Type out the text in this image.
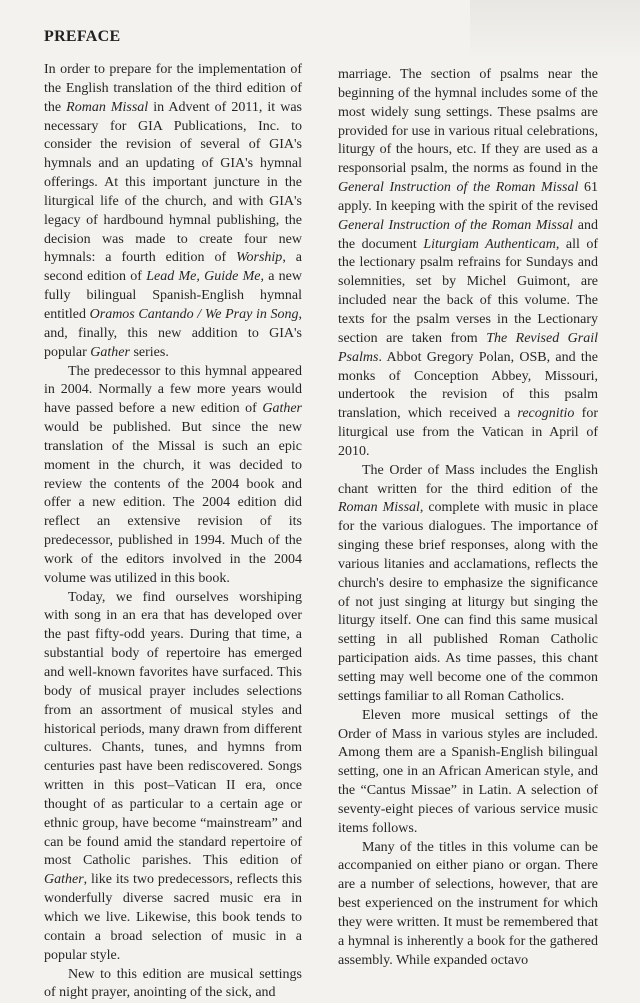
PREFACE

In order to prepare for the implementation of the English translation of the third edition of the Roman Missal in Advent of 2011, it was necessary for GIA Publications, Inc. to consider the revision of several of GIA's hymnals and an updating of GIA's hymnal offerings. At this important juncture in the liturgical life of the church, and with GIA's legacy of hardbound hymnal publishing, the decision was made to create four new hymnals: a fourth edition of Worship, a second edition of Lead Me, Guide Me, a new fully bilingual Spanish-English hymnal entitled Oramos Cantando / We Pray in Song, and, finally, this new addition to GIA's popular Gather series.

The predecessor to this hymnal appeared in 2004. Normally a few more years would have passed before a new edition of Gather would be published. But since the new translation of the Missal is such an epic moment in the church, it was decided to review the contents of the 2004 book and offer a new edition. The 2004 edition did reflect an extensive revision of its predecessor, published in 1994. Much of the work of the editors involved in the 2004 volume was utilized in this book.

Today, we find ourselves worshiping with song in an era that has developed over the past fifty-odd years. During that time, a substantial body of repertoire has emerged and well-known favorites have surfaced. This body of musical prayer includes selections from an assortment of musical styles and historical periods, many drawn from different cultures. Chants, tunes, and hymns from centuries past have been rediscovered. Songs written in this post–Vatican II era, once thought of as particular to a certain age or ethnic group, have become “mainstream” and can be found amid the standard repertoire of most Catholic parishes. This edition of Gather, like its two predecessors, reflects this wonderfully diverse sacred music era in which we live. Likewise, this book tends to contain a broad selection of music in a popular style.

New to this edition are musical settings of night prayer, anointing of the sick, and

marriage. The section of psalms near the beginning of the hymnal includes some of the most widely sung settings. These psalms are provided for use in various ritual celebrations, liturgy of the hours, etc. If they are used as a responsorial psalm, the norms as found in the General Instruction of the Roman Missal 61 apply. In keeping with the spirit of the revised General Instruction of the Roman Missal and the document Liturgiam Authenticam, all of the lectionary psalm refrains for Sundays and solemnities, set by Michel Guimont, are included near the back of this volume. The texts for the psalm verses in the Lectionary section are taken from The Revised Grail Psalms. Abbot Gregory Polan, OSB, and the monks of Conception Abbey, Missouri, undertook the revision of this psalm translation, which received a recognitio for liturgical use from the Vatican in April of 2010.

The Order of Mass includes the English chant written for the third edition of the Roman Missal, complete with music in place for the various dialogues. The importance of singing these brief responses, along with the various litanies and acclamations, reflects the church's desire to emphasize the significance of not just singing at liturgy but singing the liturgy itself. One can find this same musical setting in all published Roman Catholic participation aids. As time passes, this chant setting may well become one of the common settings familiar to all Roman Catholics.

Eleven more musical settings of the Order of Mass in various styles are included. Among them are a Spanish-English bilingual setting, one in an African American style, and the “Cantus Missae” in Latin. A selection of seventy-eight pieces of various service music items follows.

Many of the titles in this volume can be accompanied on either piano or organ. There are a number of selections, however, that are best experienced on the instrument for which they were written. It must be remembered that a hymnal is inherently a book for the gathered assembly. While expanded octavo
